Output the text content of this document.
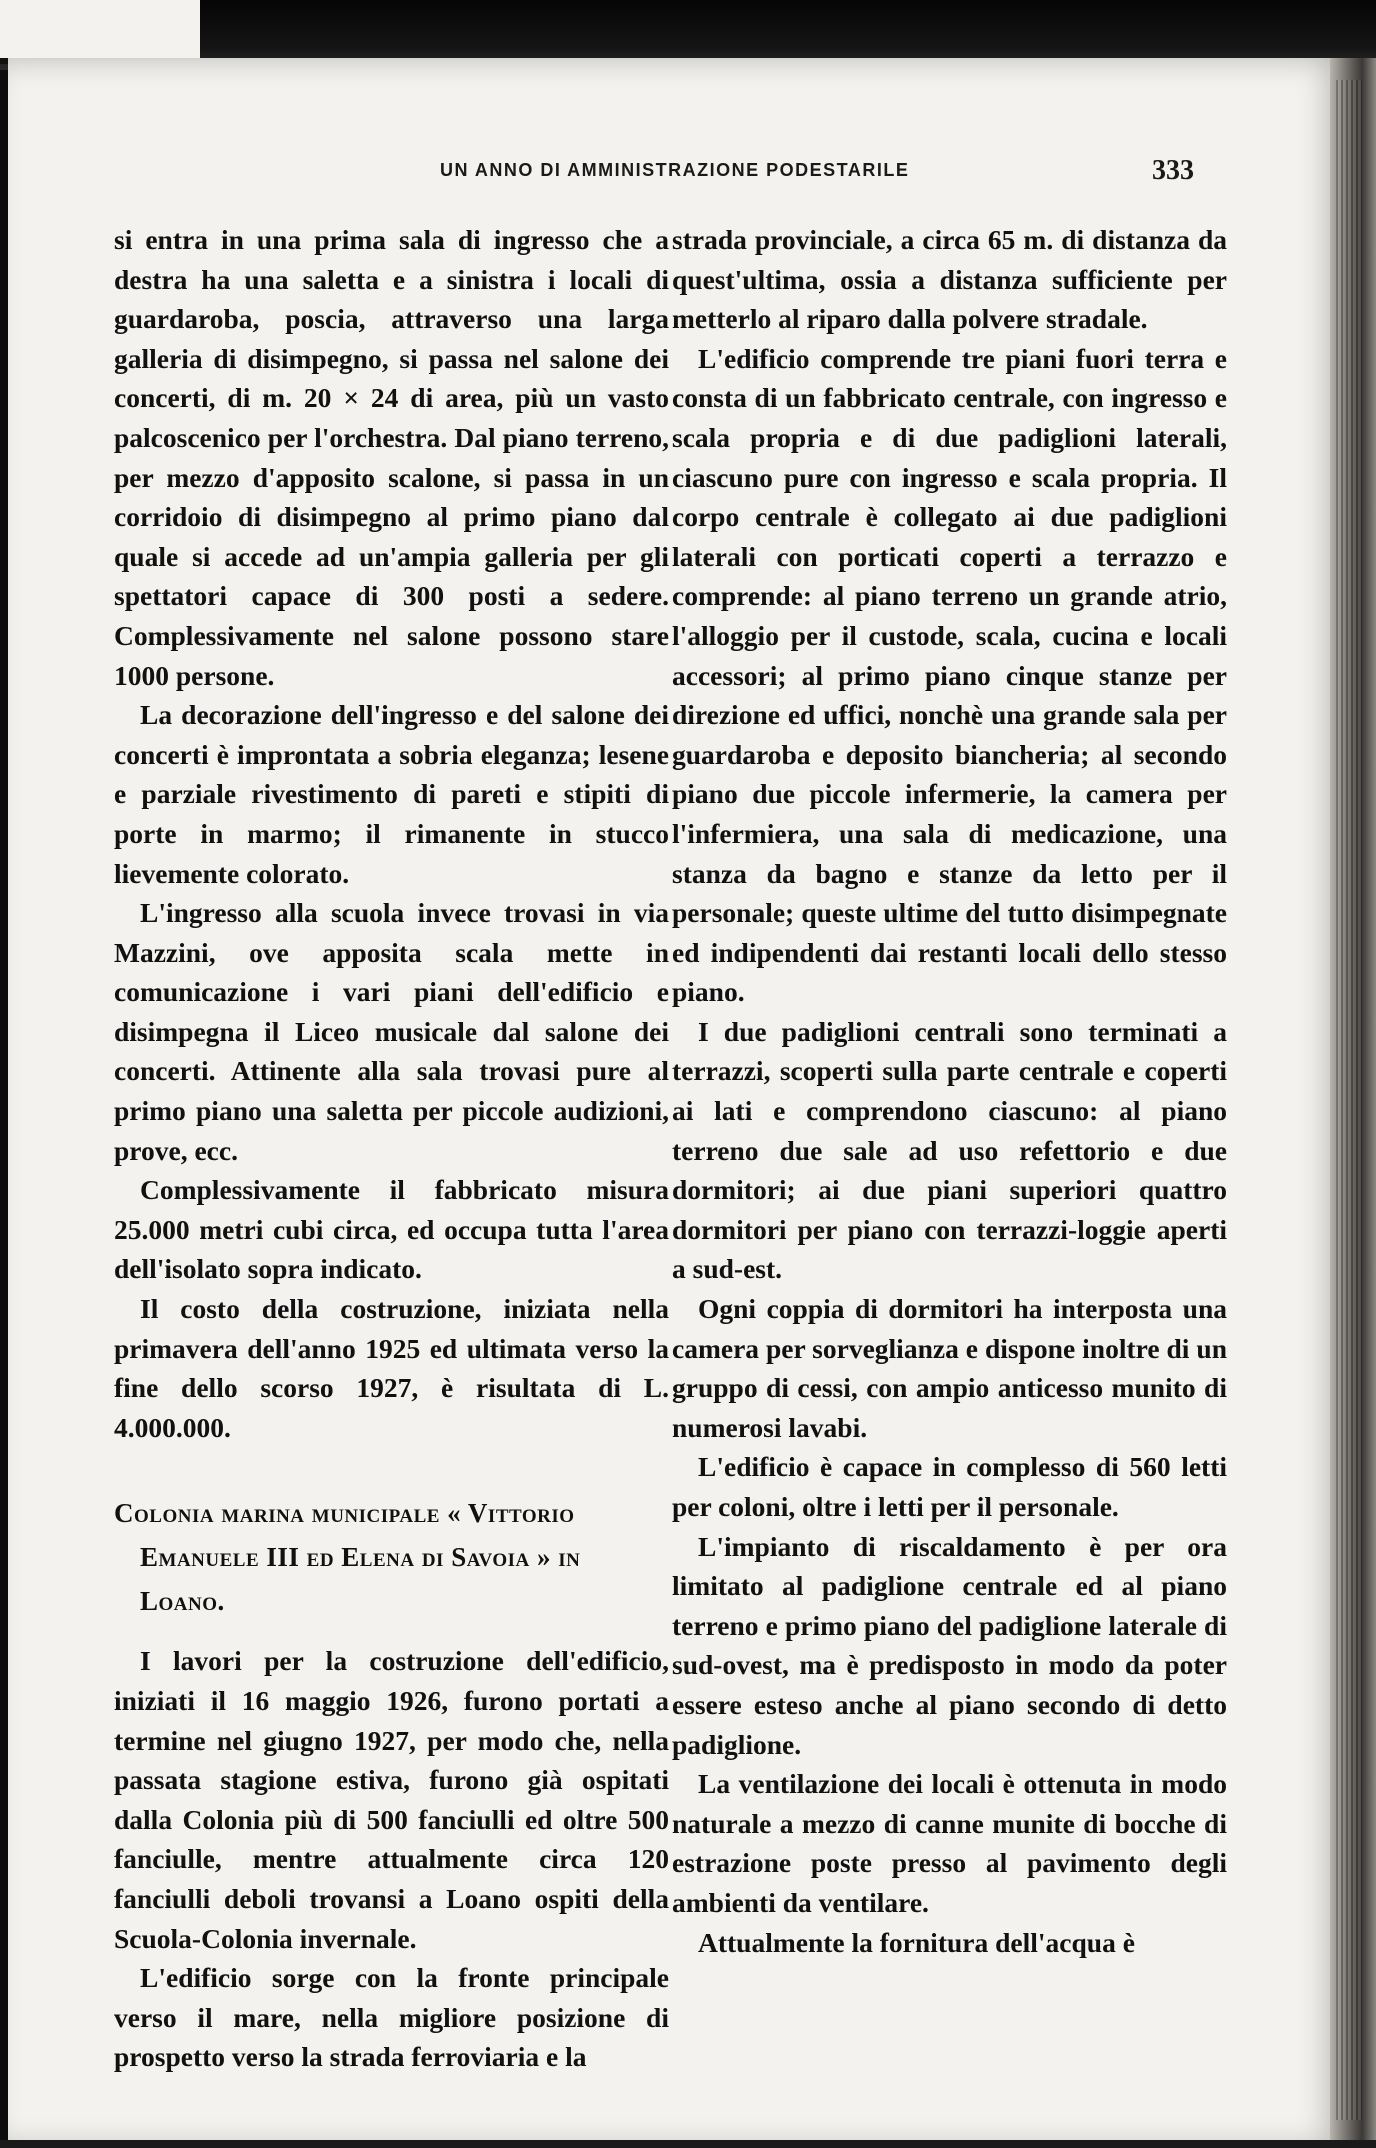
UN ANNO DI AMMINISTRAZIONE PODESTARILE	333

si entra in una prima sala di ingresso che a destra ha una saletta e a sinistra i locali di guardaroba, poscia, attraverso una larga galleria di disimpegno, si passa nel salone dei concerti, di m. 20 × 24 di area, più un vasto palcoscenico per l'orchestra. Dal piano terreno, per mezzo d'apposito scalone, si passa in un corridoio di disimpegno al primo piano dal quale si accede ad un'ampia galleria per gli spettatori capace di 300 posti a sedere. Complessivamente nel salone possono stare 1000 persone.

La decorazione dell'ingresso e del salone dei concerti è improntata a sobria eleganza; lesene e parziale rivestimento di pareti e stipiti di porte in marmo; il rimanente in stucco lievemente colorato.

L'ingresso alla scuola invece trovasi in via Mazzini, ove apposita scala mette in comunicazione i vari piani dell'edificio e disimpegna il Liceo musicale dal salone dei concerti. Attinente alla sala trovasi pure al primo piano una saletta per piccole audizioni, prove, ecc.

Complessivamente il fabbricato misura 25.000 metri cubi circa, ed occupa tutta l'area dell'isolato sopra indicato.

Il costo della costruzione, iniziata nella primavera dell'anno 1925 ed ultimata verso la fine dello scorso 1927, è risultata di L. 4.000.000.

Colonia marina municipale « Vittorio
Emanuele III ed Elena di Savoia » in
Loano.

I lavori per la costruzione dell'edificio, iniziati il 16 maggio 1926, furono portati a termine nel giugno 1927, per modo che, nella passata stagione estiva, furono già ospitati dalla Colonia più di 500 fanciulli ed oltre 500 fanciulle, mentre attualmente circa 120 fanciulli deboli trovansi a Loano ospiti della Scuola-Colonia invernale.

L'edificio sorge con la fronte principale verso il mare, nella migliore posizione di prospetto verso la strada ferroviaria e la

strada provinciale, a circa 65 m. di distanza da quest'ultima, ossia a distanza sufficiente per metterlo al riparo dalla polvere stradale.

L'edificio comprende tre piani fuori terra e consta di un fabbricato centrale, con ingresso e scala propria e di due padiglioni laterali, ciascuno pure con ingresso e scala propria. Il corpo centrale è collegato ai due padiglioni laterali con porticati coperti a terrazzo e comprende: al piano terreno un grande atrio, l'alloggio per il custode, scala, cucina e locali accessori; al primo piano cinque stanze per direzione ed uffici, nonchè una grande sala per guardaroba e deposito biancheria; al secondo piano due piccole infermerie, la camera per l'infermiera, una sala di medicazione, una stanza da bagno e stanze da letto per il personale; queste ultime del tutto disimpegnate ed indipendenti dai restanti locali dello stesso piano.

I due padiglioni centrali sono terminati a terrazzi, scoperti sulla parte centrale e coperti ai lati e comprendono ciascuno: al piano terreno due sale ad uso refettorio e due dormitori; ai due piani superiori quattro dormitori per piano con terrazzi-loggie aperti a sud-est.

Ogni coppia di dormitori ha interposta una camera per sorveglianza e dispone inoltre di un gruppo di cessi, con ampio anticesso munito di numerosi lavabi.

L'edificio è capace in complesso di 560 letti per coloni, oltre i letti per il personale.

L'impianto di riscaldamento è per ora limitato al padiglione centrale ed al piano terreno e primo piano del padiglione laterale di sud-ovest, ma è predisposto in modo da poter essere esteso anche al piano secondo di detto padiglione.

La ventilazione dei locali è ottenuta in modo naturale a mezzo di canne munite di bocche di estrazione poste presso al pavimento degli ambienti da ventilare.

Attualmente la fornitura dell'acqua è
